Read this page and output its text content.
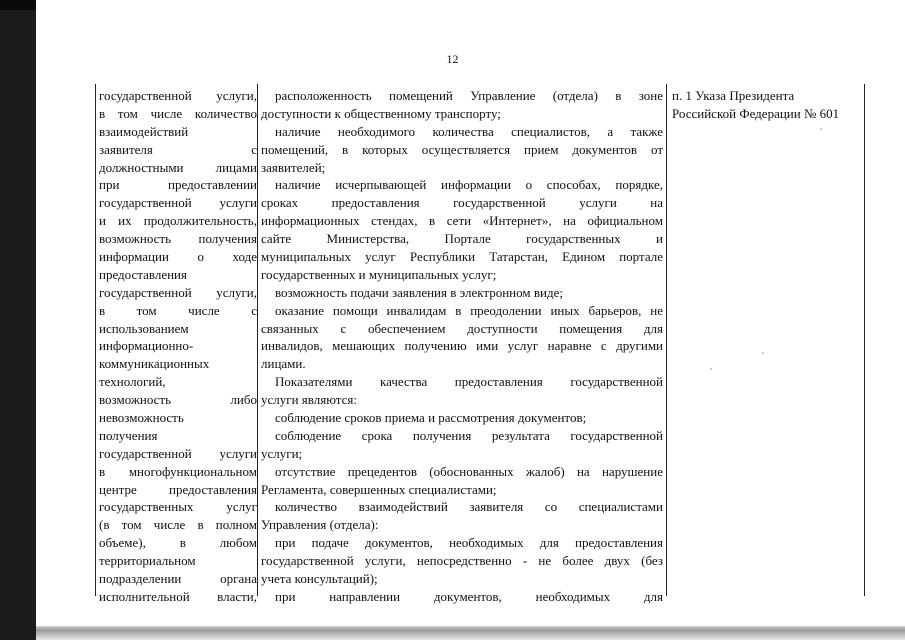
12
государственной услуги,
в том числе количество
взаимодействий
заявителя с
должностными лицами
при предоставлении
государственной услуги
и их продолжительность,
возможность получения
информации о ходе
предоставления
государственной услуги,
в том числе с
использованием
информационно-
коммуникационных
технологий,
возможность либо
невозможность
получения
государственной услуги
в многофункциональном
центре предоставления
государственных услуг
(в том числе в полном
объеме), в любом
территориальном
подразделении органа
исполнительной власти,
расположенность помещений Управление (отдела) в зоне
доступности к общественному транспорту;
наличие необходимого количества специалистов, а также
помещений, в которых осуществляется прием документов от
заявителей;
наличие исчерпывающей информации о способах, порядке,
сроках предоставления государственной услуги на
информационных стендах, в сети «Интернет», на официальном
сайте Министерства, Портале государственных и
муниципальных услуг Республики Татарстан, Едином портале
государственных и муниципальных услуг;
возможность подачи заявления в электронном виде;
оказание помощи инвалидам в преодолении иных барьеров, не
связанных с обеспечением доступности помещения для
инвалидов, мешающих получению ими услуг наравне с другими
лицами.
Показателями качества предоставления государственной
услуги являются:
соблюдение сроков приема и рассмотрения документов;
соблюдение срока получения результата государственной
услуги;
отсутствие прецедентов (обоснованных жалоб) на нарушение
Регламента, совершенных специалистами;
количество взаимодействий заявителя со специалистами
Управления (отдела):
при подаче документов, необходимых для предоставления
государственной услуги, непосредственно - не более двух (без
учета консультаций);
при направлении документов, необходимых для
п. 1 Указа Президента
Российской Федерации № 601
